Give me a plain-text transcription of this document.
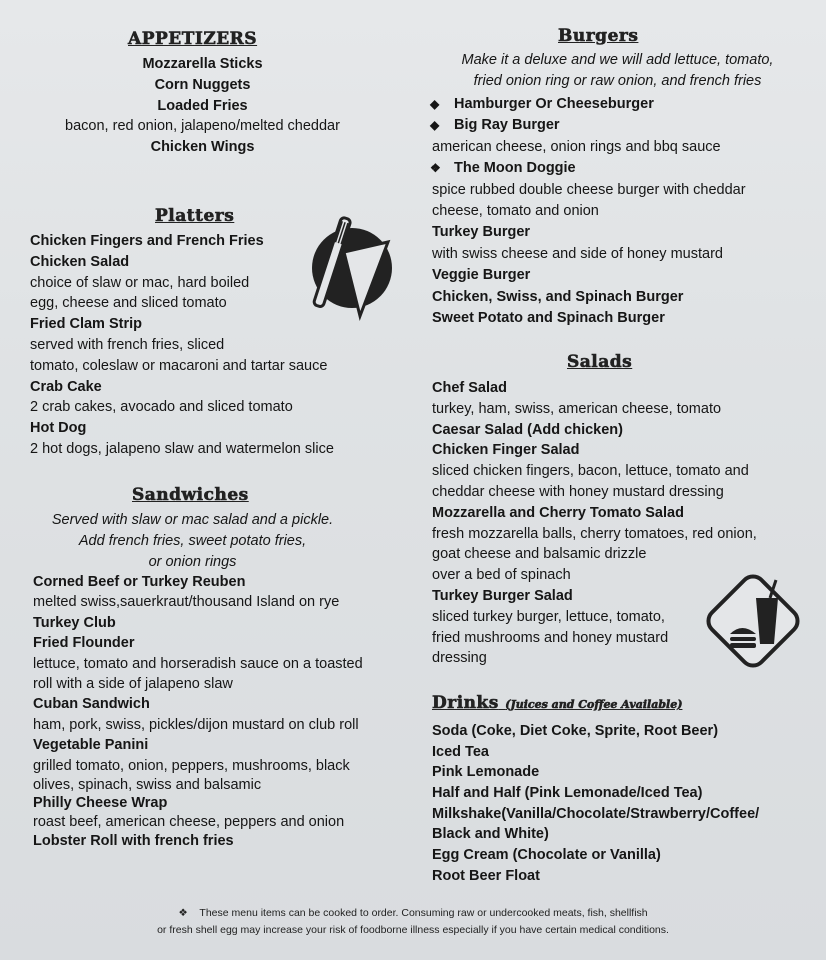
APPETIZERS
Mozzarella Sticks
Corn Nuggets
Loaded Fries
bacon, red onion, jalapeno/melted cheddar
Chicken Wings
Platters
Chicken Fingers and French Fries
Chicken Salad
choice of slaw or mac, hard boiled
egg, cheese and sliced tomato
Fried Clam Strip
served with french fries, sliced
tomato, coleslaw or macaroni and tartar sauce
Crab Cake
2 crab cakes, avocado and sliced tomato
Hot Dog
2 hot dogs, jalapeno slaw and watermelon slice
Sandwiches
Served with slaw or mac salad and a pickle.
Add french fries, sweet potato fries,
or onion rings
Corned Beef or Turkey Reuben
melted swiss,sauerkraut/thousand Island on rye
Turkey Club
Fried Flounder
lettuce, tomato and horseradish sauce on a toasted
roll with a side of jalapeno slaw
Cuban Sandwich
ham, pork, swiss, pickles/dijon mustard on club roll
Vegetable Panini
grilled tomato, onion, peppers, mushrooms, black
olives, spinach, swiss and balsamic
Philly Cheese Wrap
roast beef, american cheese, peppers and onion
Lobster Roll with french fries
Burgers
Make it a deluxe and we will add lettuce, tomato,
fried onion ring or raw onion, and french fries
◆ Hamburger Or Cheeseburger
◆ Big Ray Burger
american cheese, onion rings and bbq sauce
❖ The Moon Doggie
spice rubbed double cheese burger with cheddar
cheese, tomato and onion
Turkey Burger
with swiss cheese and side of honey mustard
Veggie Burger
Chicken, Swiss, and Spinach Burger
Sweet Potato and Spinach Burger
Salads
Chef Salad
turkey, ham, swiss, american cheese, tomato
Caesar Salad (Add chicken)
Chicken Finger Salad
sliced chicken fingers, bacon, lettuce, tomato and
cheddar cheese with honey mustard dressing
Mozzarella and Cherry Tomato Salad
fresh mozzarella balls, cherry tomatoes, red onion,
goat cheese and balsamic drizzle
over a bed of spinach
Turkey Burger Salad
sliced turkey burger, lettuce, tomato,
fried mushrooms and honey mustard
dressing
Drinks (Juices and Coffee Available)
Soda (Coke, Diet Coke, Sprite, Root Beer)
Iced Tea
Pink Lemonade
Half and Half (Pink Lemonade/Iced Tea)
Milkshake(Vanilla/Chocolate/Strawberry/Coffee/
Black and White)
Egg Cream (Chocolate or Vanilla)
Root Beer Float
❖ These menu items can be cooked to order. Consuming raw or undercooked meats, fish, shellfish
or fresh shell egg may increase your risk of foodborne illness especially if you have certain medical conditions.
